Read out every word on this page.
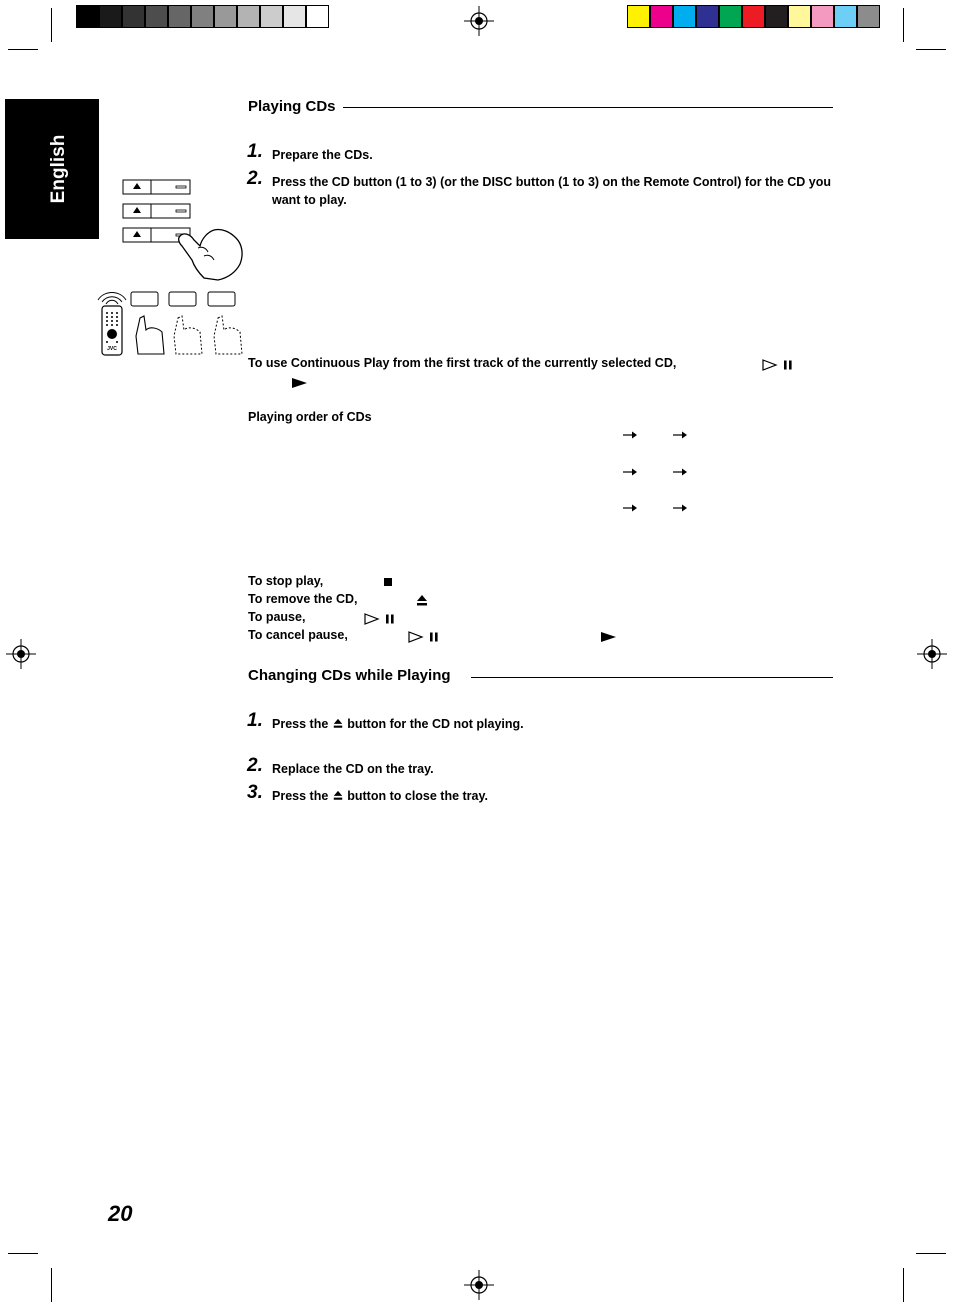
English
JVC
Playing CDs
1. Prepare the CDs.
2. Press the CD button (1 to 3) (or the DISC button (1 to 3) on the Remote Control) for the CD you want to play.
To use Continuous Play from the first track of the currently selected CD,
Playing order of CDs
To stop play,
To remove the CD,
To pause,
To cancel pause,
Changing CDs while Playing
1. Press the button for the CD not playing.
2. Replace the CD on the tray.
3. Press the button to close the tray.
20
